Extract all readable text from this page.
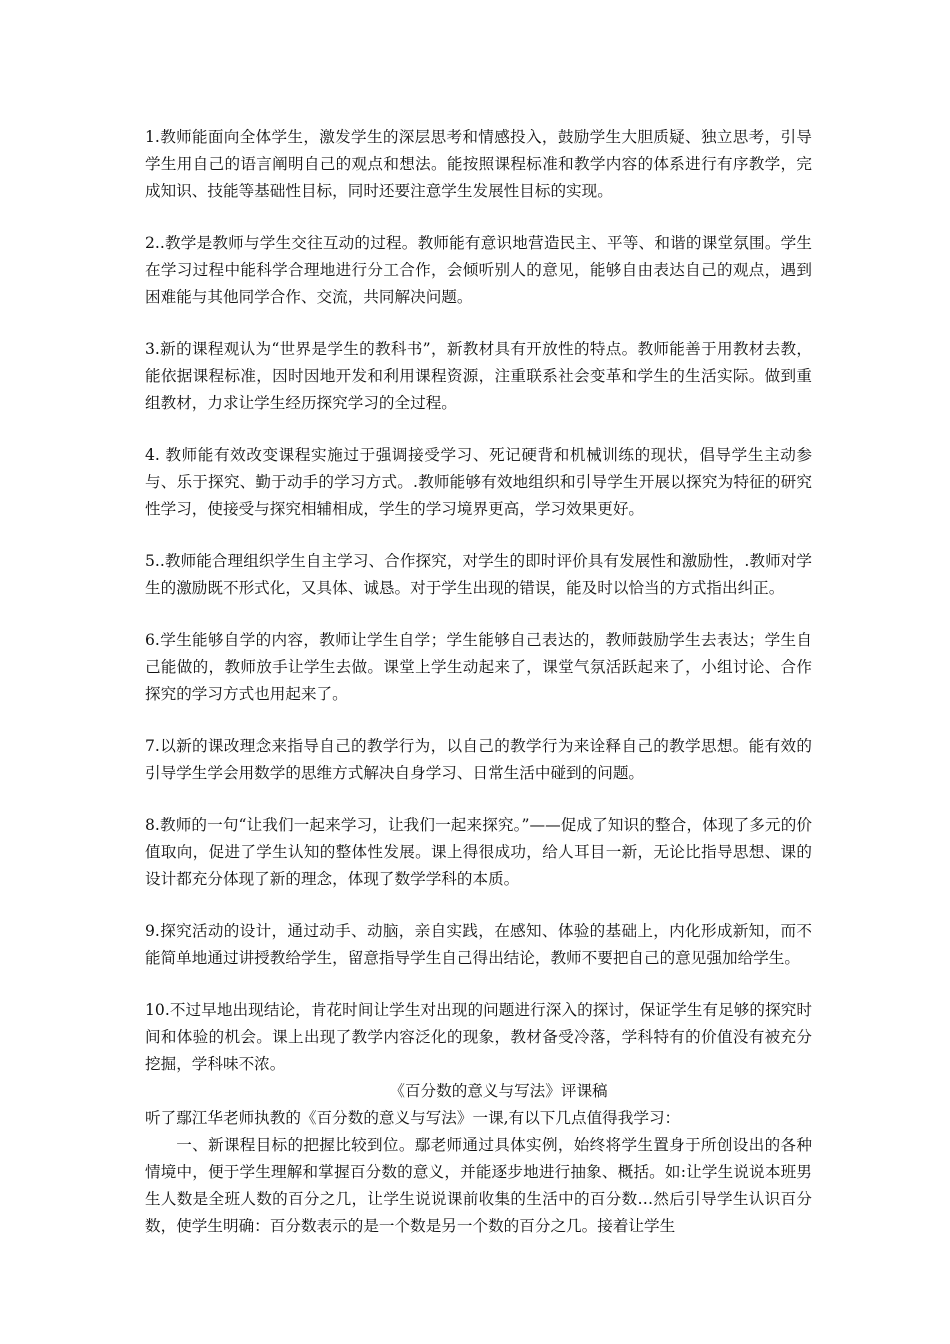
1.教师能面向全体学生，激发学生的深层思考和情感投入，鼓励学生大胆质疑、独立思考，引导学生用自己的语言阐明自己的观点和想法。能按照课程标准和教学内容的体系进行有序教学，完成知识、技能等基础性目标，同时还要注意学生发展性目标的实现。

2..教学是教师与学生交往互动的过程。教师能有意识地营造民主、平等、和谐的课堂氛围。学生在学习过程中能科学合理地进行分工合作，会倾听别人的意见，能够自由表达自己的观点，遇到困难能与其他同学合作、交流，共同解决问题。

3.新的课程观认为“世界是学生的教科书”，新教材具有开放性的特点。教师能善于用教材去教，能依据课程标准，因时因地开发和利用课程资源，注重联系社会变革和学生的生活实际。做到重组教材，力求让学生经历探究学习的全过程。

4. 教师能有效改变课程实施过于强调接受学习、死记硬背和机械训练的现状，倡导学生主动参与、乐于探究、勤于动手的学习方式。.教师能够有效地组织和引导学生开展以探究为特征的研究性学习，使接受与探究相辅相成，学生的学习境界更高，学习效果更好。

5..教师能合理组织学生自主学习、合作探究，对学生的即时评价具有发展性和激励性，.教师对学生的激励既不形式化，又具体、诚恳。对于学生出现的错误，能及时以恰当的方式指出纠正。

6.学生能够自学的内容，教师让学生自学；学生能够自己表达的，教师鼓励学生去表达；学生自己能做的，教师放手让学生去做。课堂上学生动起来了，课堂气氛活跃起来了，小组讨论、合作探究的学习方式也用起来了。

7.以新的课改理念来指导自己的教学行为，以自己的教学行为来诠释自己的教学思想。能有效的引导学生学会用数学的思维方式解决自身学习、日常生活中碰到的问题。

8.教师的一句“让我们一起来学习，让我们一起来探究。”——促成了知识的整合，体现了多元的价值取向，促进了学生认知的整体性发展。课上得很成功，给人耳目一新，无论比指导思想、课的设计都充分体现了新的理念，体现了数学学科的本质。

9.探究活动的设计，通过动手、动脑，亲自实践，在感知、体验的基础上，内化形成新知，而不能简单地通过讲授教给学生，留意指导学生自己得出结论，教师不要把自己的意见强加给学生。

10.不过早地出现结论，肯花时间让学生对出现的问题进行深入的探讨，保证学生有足够的探究时间和体验的机会。课上出现了教学内容泛化的现象，教材备受冷落，学科特有的价值没有被充分挖掘，学科味不浓。

《百分数的意义与写法》评课稿

听了鄢江华老师执教的《百分数的意义与写法》一课,有以下几点值得我学习：

一、新课程目标的把握比较到位。鄢老师通过具体实例，始终将学生置身于所创设出的各种情境中，便于学生理解和掌握百分数的意义，并能逐步地进行抽象、概括。如:让学生说说本班男生人数是全班人数的百分之几，让学生说说课前收集的生活中的百分数…然后引导学生认识百分数，使学生明确：百分数表示的是一个数是另一个数的百分之几。接着让学生
